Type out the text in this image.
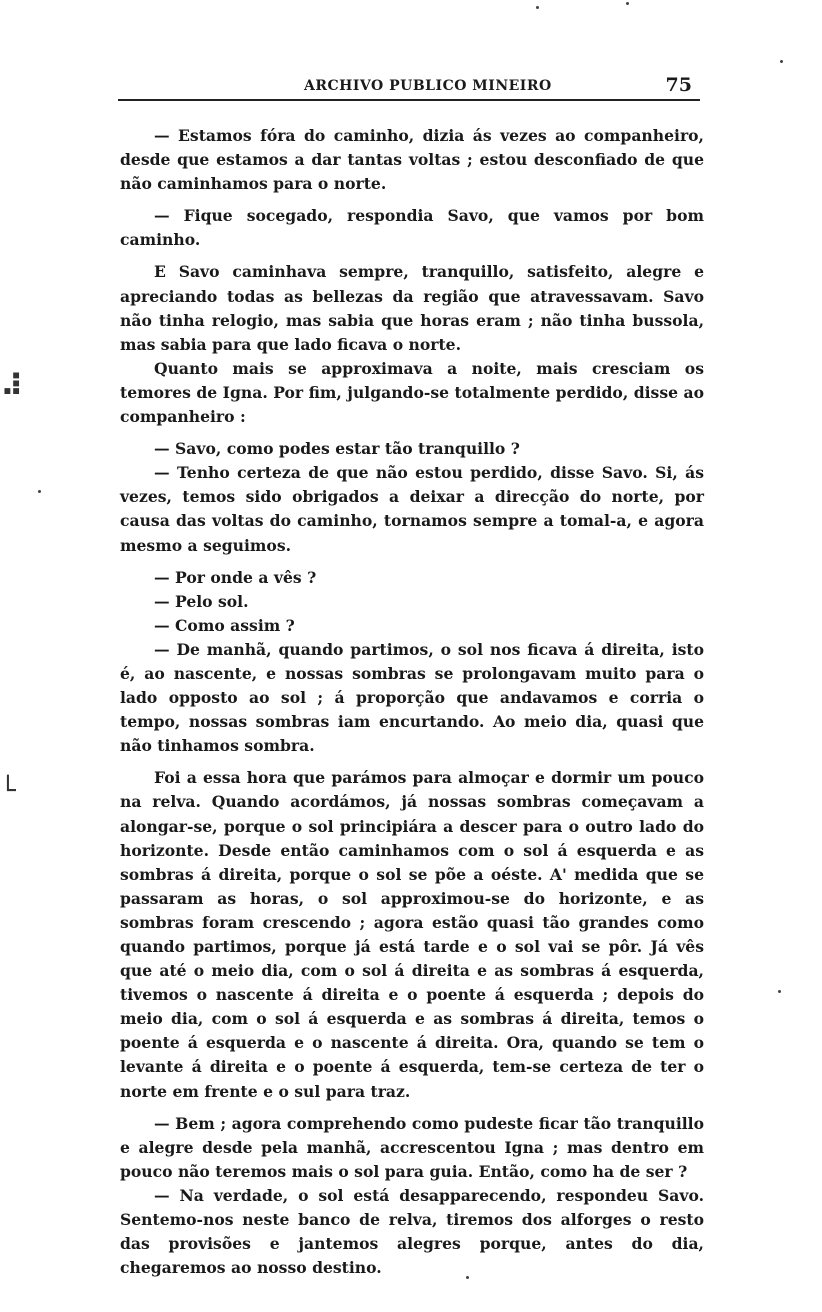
ARCHIVO PUBLICO MINEIRO	75

— Estamos fóra do caminho, dizia ás vezes ao companheiro, desde que estamos a dar tantas voltas ; estou desconfiado de que não caminhamos para o norte.

— Fique socegado, respondia Savo, que vamos por bom caminho.

E Savo caminhava sempre, tranquillo, satisfeito, alegre e apreciando todas as bellezas da região que atravessavam. Savo não tinha relogio, mas sabia que horas eram ; não tinha bussola, mas sabia para que lado ficava o norte.

Quanto mais se approximava a noite, mais cresciam os temores de Igna. Por fim, julgando-se totalmente perdido, disse ao companheiro :

— Savo, como podes estar tão tranquillo ?

— Tenho certeza de que não estou perdido, disse Savo. Si, ás vezes, temos sido obrigados a deixar a direcção do norte, por causa das voltas do caminho, tornamos sempre a tomal-a, e agora mesmo a seguimos.

— Por onde a vês ?

— Pelo sol.

— Como assim ?

— De manhã, quando partimos, o sol nos ficava á direita, isto é, ao nascente, e nossas sombras se prolongavam muito para o lado opposto ao sol ; á proporção que andavamos e corria o tempo, nossas sombras iam encurtando. Ao meio dia, quasi que não tinhamos sombra.

Foi a essa hora que parámos para almoçar e dormir um pouco na relva. Quando acordámos, já nossas sombras começavam a alongar-se, porque o sol principiára a descer para o outro lado do horizonte. Desde então caminhamos com o sol á esquerda e as sombras á direita, porque o sol se põe a oéste. A' medida que se passaram as horas, o sol approximou-se do horizonte, e as sombras foram crescendo ; agora estão quasi tão grandes como quando partimos, porque já está tarde e o sol vai se pôr. Já vês que até o meio dia, com o sol á direita e as sombras á esquerda, tivemos o nascente á direita e o poente á esquerda ; depois do meio dia, com o sol á esquerda e as sombras á direita, temos o poente á esquerda e o nascente á direita. Ora, quando se tem o levante á direita e o poente á esquerda, tem-se certeza de ter o norte em frente e o sul para traz.

— Bem ; agora comprehendo como pudeste ficar tão tranquillo e alegre desde pela manhã, accrescentou Igna ; mas dentro em pouco não teremos mais o sol para guia. Então, como ha de ser ?

— Na verdade, o sol está desapparecendo, respondeu Savo. Sentemo-nos neste banco de relva, tiremos dos alforges o resto das provisões e jantemos alegres porque, antes do dia, chegaremos ao nosso destino.

⠼
└
